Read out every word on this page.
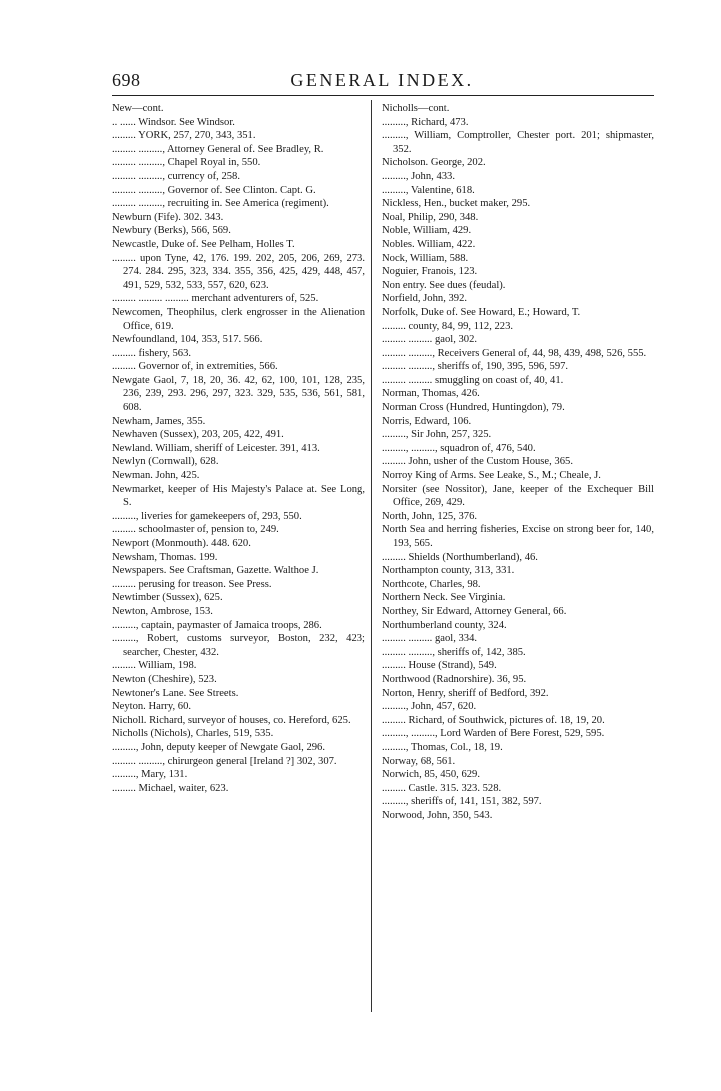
698	GENERAL INDEX.
New—cont.
.. ...... Windsor. See Windsor.
......... YORK, 257, 270, 343, 351.
......... ........., Attorney General of. See Bradley, R.
......... ........., Chapel Royal in, 550.
......... ........., currency of, 258.
......... ........., Governor of. See Clinton. Capt. G.
......... ........., recruiting in. See America (regiment).
Newburn (Fife). 302. 343.
Newbury (Berks), 566, 569.
Newcastle, Duke of. See Pelham, Holles T.
......... upon Tyne, 42, 176. 199. 202, 205, 206, 269, 273. 274. 284. 295, 323, 334. 355, 356, 425, 429, 448, 457, 491, 529, 532, 533, 557, 620, 623.
......... ......... ......... merchant adventurers of, 525.
Newcomen, Theophilus, clerk engrosser in the Alienation Office, 619.
Newfoundland, 104, 353, 517. 566.
......... fishery, 563.
......... Governor of, in extremities, 566.
Newgate Gaol, 7, 18, 20, 36. 42, 62, 100, 101, 128, 235, 236, 239, 293. 296, 297, 323. 329, 535, 536, 561, 581, 608.
Newham, James, 355.
Newhaven (Sussex), 203, 205, 422, 491.
Newland. William, sheriff of Leicester. 391, 413.
Newlyn (Cornwall), 628.
Newman. John, 425.
Newmarket, keeper of His Majesty's Palace at. See Long, S.
........., liveries for gamekeepers of, 293, 550.
......... schoolmaster of, pension to, 249.
Newport (Monmouth). 448. 620.
Newsham, Thomas. 199.
Newspapers. See Craftsman, Gazette. Walthoe J.
......... perusing for treason. See Press.
Newtimber (Sussex), 625.
Newton, Ambrose, 153.
........., captain, paymaster of Jamaica troops, 286.
........., Robert, customs surveyor, Boston, 232, 423; searcher, Chester, 432.
......... William, 198.
Newton (Cheshire), 523.
Newtoner's Lane. See Streets.
Neyton. Harry, 60.
Nicholl. Richard, surveyor of houses, co. Hereford, 625.
Nicholls (Nichols), Charles, 519, 535.
........., John, deputy keeper of Newgate Gaol, 296.
......... ........., chirurgeon general [Ireland ?] 302, 307.
........., Mary, 131.
......... Michael, waiter, 623.
Nicholls—cont.
........., Richard, 473.
........., William, Comptroller, Chester port. 201; shipmaster, 352.
Nicholson. George, 202.
........., John, 433.
........., Valentine, 618.
Nickless, Hen., bucket maker, 295.
Noal, Philip, 290, 348.
Noble, William, 429.
Nobles. William, 422.
Nock, William, 588.
Noguier, Franois, 123.
Non entry. See dues (feudal).
Norfield, John, 392.
Norfolk, Duke of. See Howard, E.; Howard, T.
......... county, 84, 99, 112, 223.
......... ......... gaol, 302.
......... ........., Receivers General of, 44, 98, 439, 498, 526, 555.
......... ........., sheriffs of, 190, 395, 596, 597.
......... ......... smuggling on coast of, 40, 41.
Norman, Thomas, 426.
Norman Cross (Hundred, Huntingdon), 79.
Norris, Edward, 106.
........., Sir John, 257, 325.
........., ........., squadron of, 476, 540.
......... John, usher of the Custom House, 365.
Norroy King of Arms. See Leake, S., M.; Cheale, J.
Norsiter (see Nossitor), Jane, keeper of the Exchequer Bill Office, 269, 429.
North, John, 125, 376.
North Sea and herring fisheries, Excise on strong beer for, 140, 193, 565.
......... Shields (Northumberland), 46.
Northampton county, 313, 331.
Northcote, Charles, 98.
Northern Neck. See Virginia.
Northey, Sir Edward, Attorney General, 66.
Northumberland county, 324.
......... ......... gaol, 334.
......... ........., sheriffs of, 142, 385.
......... House (Strand), 549.
Northwood (Radnorshire). 36, 95.
Norton, Henry, sheriff of Bedford, 392.
........., John, 457, 620.
......... Richard, of Southwick, pictures of. 18, 19, 20.
........., ........., Lord Warden of Bere Forest, 529, 595.
........., Thomas, Col., 18, 19.
Norway, 68, 561.
Norwich, 85, 450, 629.
......... Castle. 315. 323. 528.
........., sheriffs of, 141, 151, 382, 597.
Norwood, John, 350, 543.
